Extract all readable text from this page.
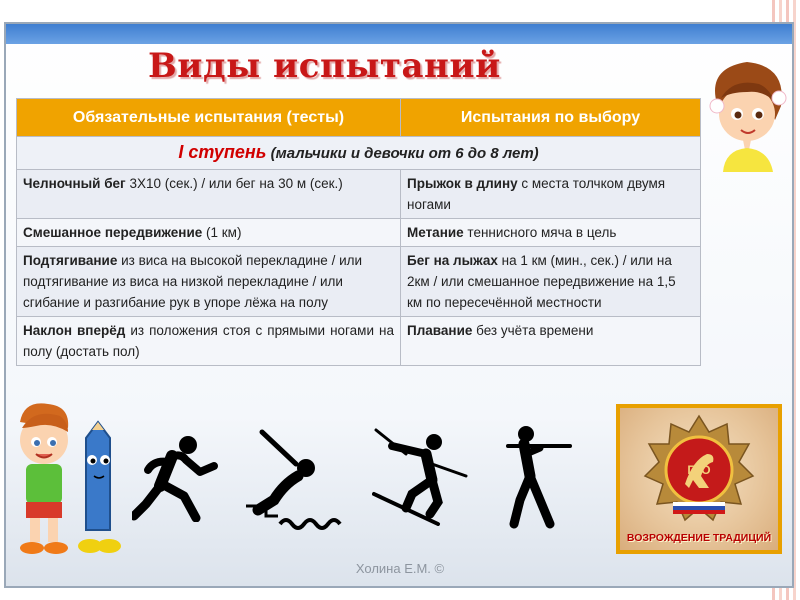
Виды испытаний
Обязательные испытания (тесты)	Испытания по выбору
I ступень (мальчики и девочки от 6 до 8 лет)	
Челночный бег 3Х10 (сек.) / или бег на 30 м (сек.)	Прыжок в длину с места толчком двумя ногами
Смешанное передвижение (1 км)	Метание теннисного мяча в цель
Подтягивание из виса на высокой перекладине / или подтягивание из виса на низкой перекладине / или сгибание и разгибание рук в упоре лёжа на полу	Бег на лыжах на 1 км (мин., сек.) / или на 2км / или смешанное передвижение на 1,5 км по пересечённой местности
Наклон вперёд из положения стоя с прямыми ногами на полу (достать пол)	Плавание без учёта времени
ГТО
ВОЗРОЖДЕНИЕ ТРАДИЦИЙ
Холина Е.М. ©
